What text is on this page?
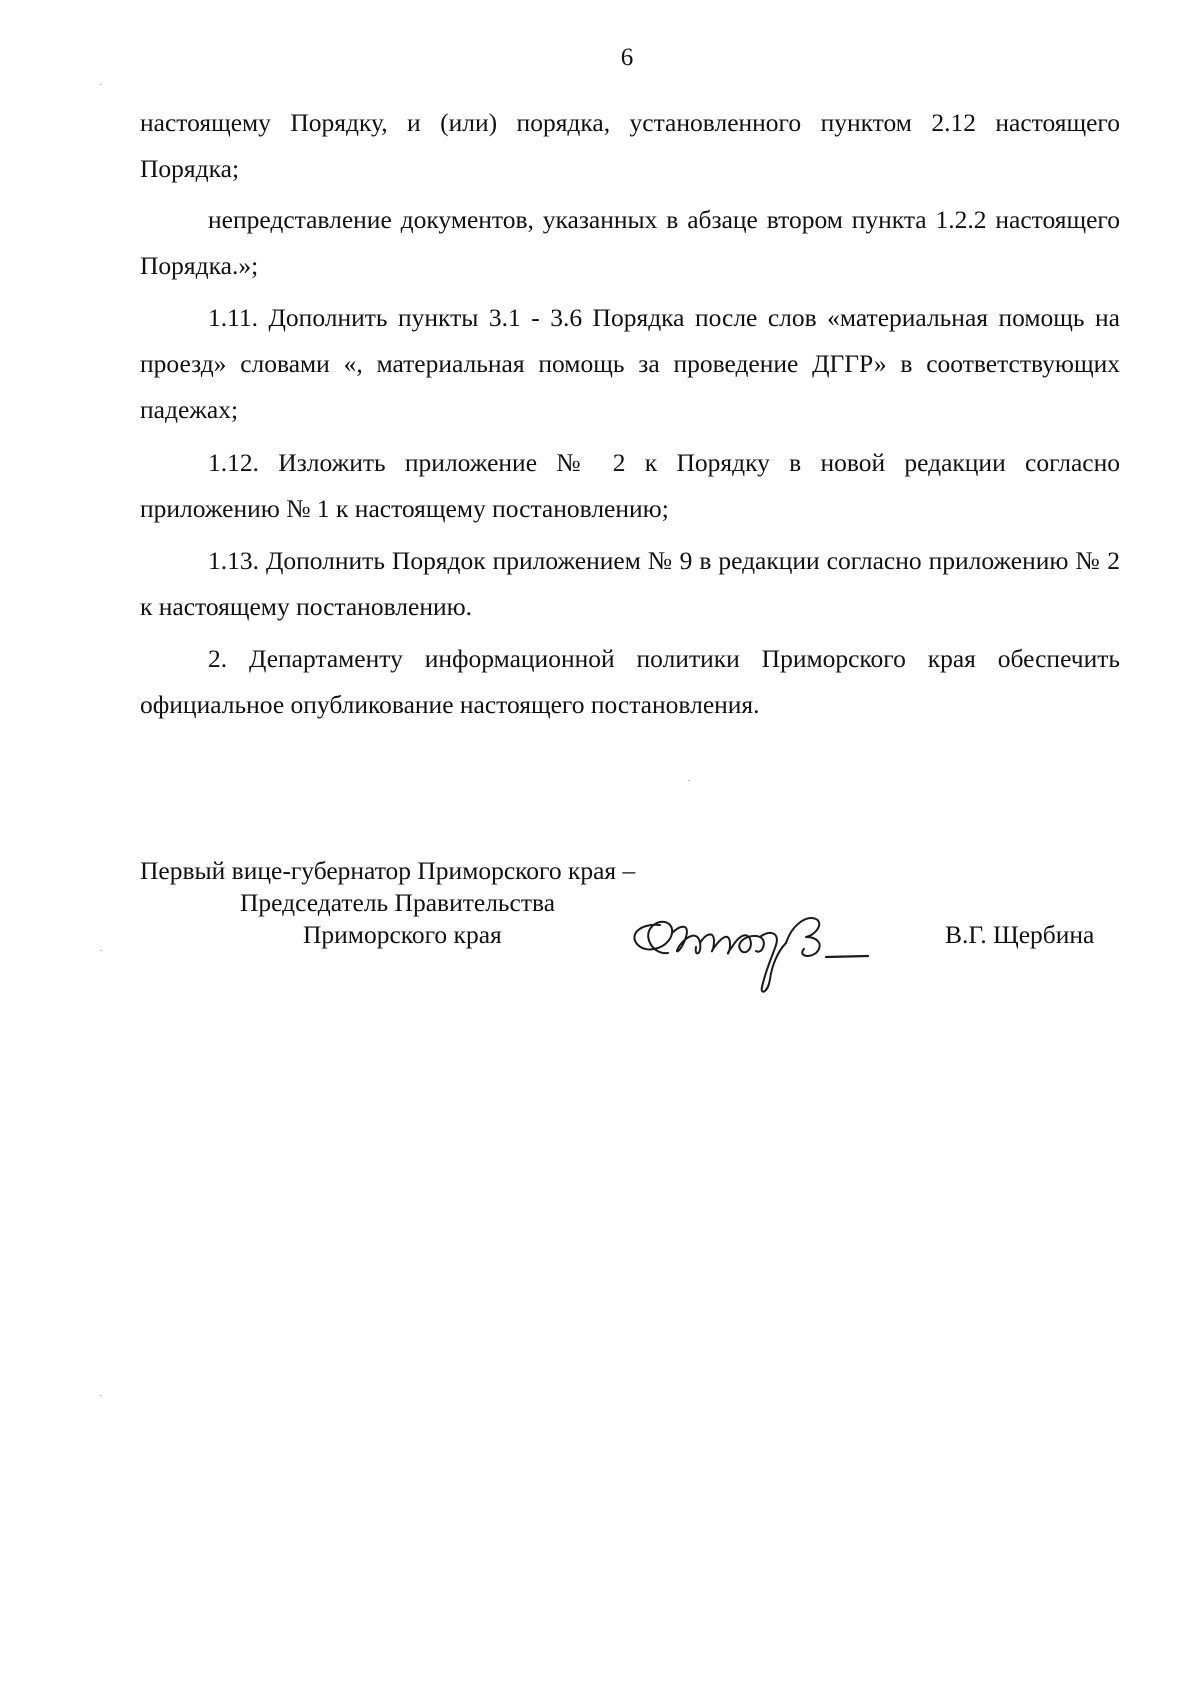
6

настоящему Порядку, и (или) порядка, установленного пунктом 2.12 настоящего Порядка;

непредставление документов, указанных в абзаце втором пункта 1.2.2 настоящего Порядка.»;

1.11. Дополнить пункты 3.1 - 3.6 Порядка после слов «материальная помощь на проезд» словами «, материальная помощь за проведение ДГГР» в соответствующих падежах;

1.12. Изложить приложение № 2 к Порядку в новой редакции согласно приложению № 1 к настоящему постановлению;

1.13. Дополнить Порядок приложением № 9 в редакции согласно приложению № 2 к настоящему постановлению.

2. Департаменту информационной политики Приморского края обеспечить официальное опубликование настоящего постановления.

Первый вице-губернатор Приморского края –
Председатель Правительства
Приморского края	В.Г. Щербина
